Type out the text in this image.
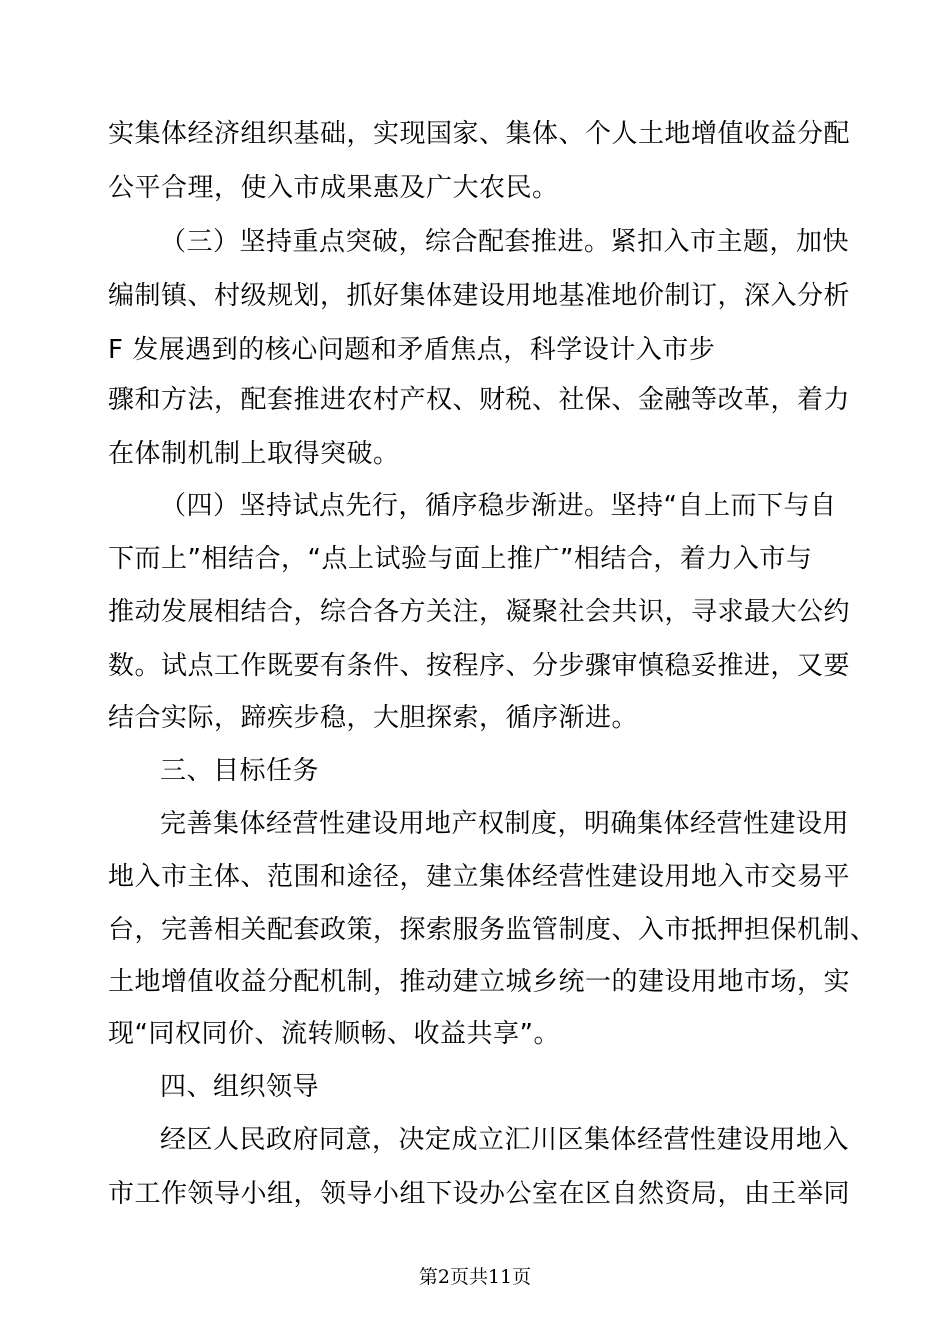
实集体经济组织基础，实现国家、集体、个人土地增值收益分配
公平合理，使入市成果惠及广大农民。
（三）坚持重点突破，综合配套推进。紧扣入市主题，加快
编制镇、村级规划，抓好集体建设用地基准地价制订，深入分析
F 发展遇到的核心问题和矛盾焦点，科学设计入市步
骤和方法，配套推进农村产权、财税、社保、金融等改革，着力
在体制机制上取得突破。
（四）坚持试点先行，循序稳步渐进。坚持“自上而下与自
下而上”相结合，“点上试验与面上推广”相结合，着力入市与
推动发展相结合，综合各方关注，凝聚社会共识，寻求最大公约
数。试点工作既要有条件、按程序、分步骤审慎稳妥推进，又要
结合实际，蹄疾步稳，大胆探索，循序渐进。
三、目标任务
完善集体经营性建设用地产权制度，明确集体经营性建设用
地入市主体、范围和途径，建立集体经营性建设用地入市交易平
台，完善相关配套政策，探索服务监管制度、入市抵押担保机制、
土地增值收益分配机制，推动建立城乡统一的建设用地市场，实
现“同权同价、流转顺畅、收益共享”。
四、组织领导
经区人民政府同意，决定成立汇川区集体经营性建设用地入
市工作领导小组，领导小组下设办公室在区自然资局，由王举同
第2页共11页
